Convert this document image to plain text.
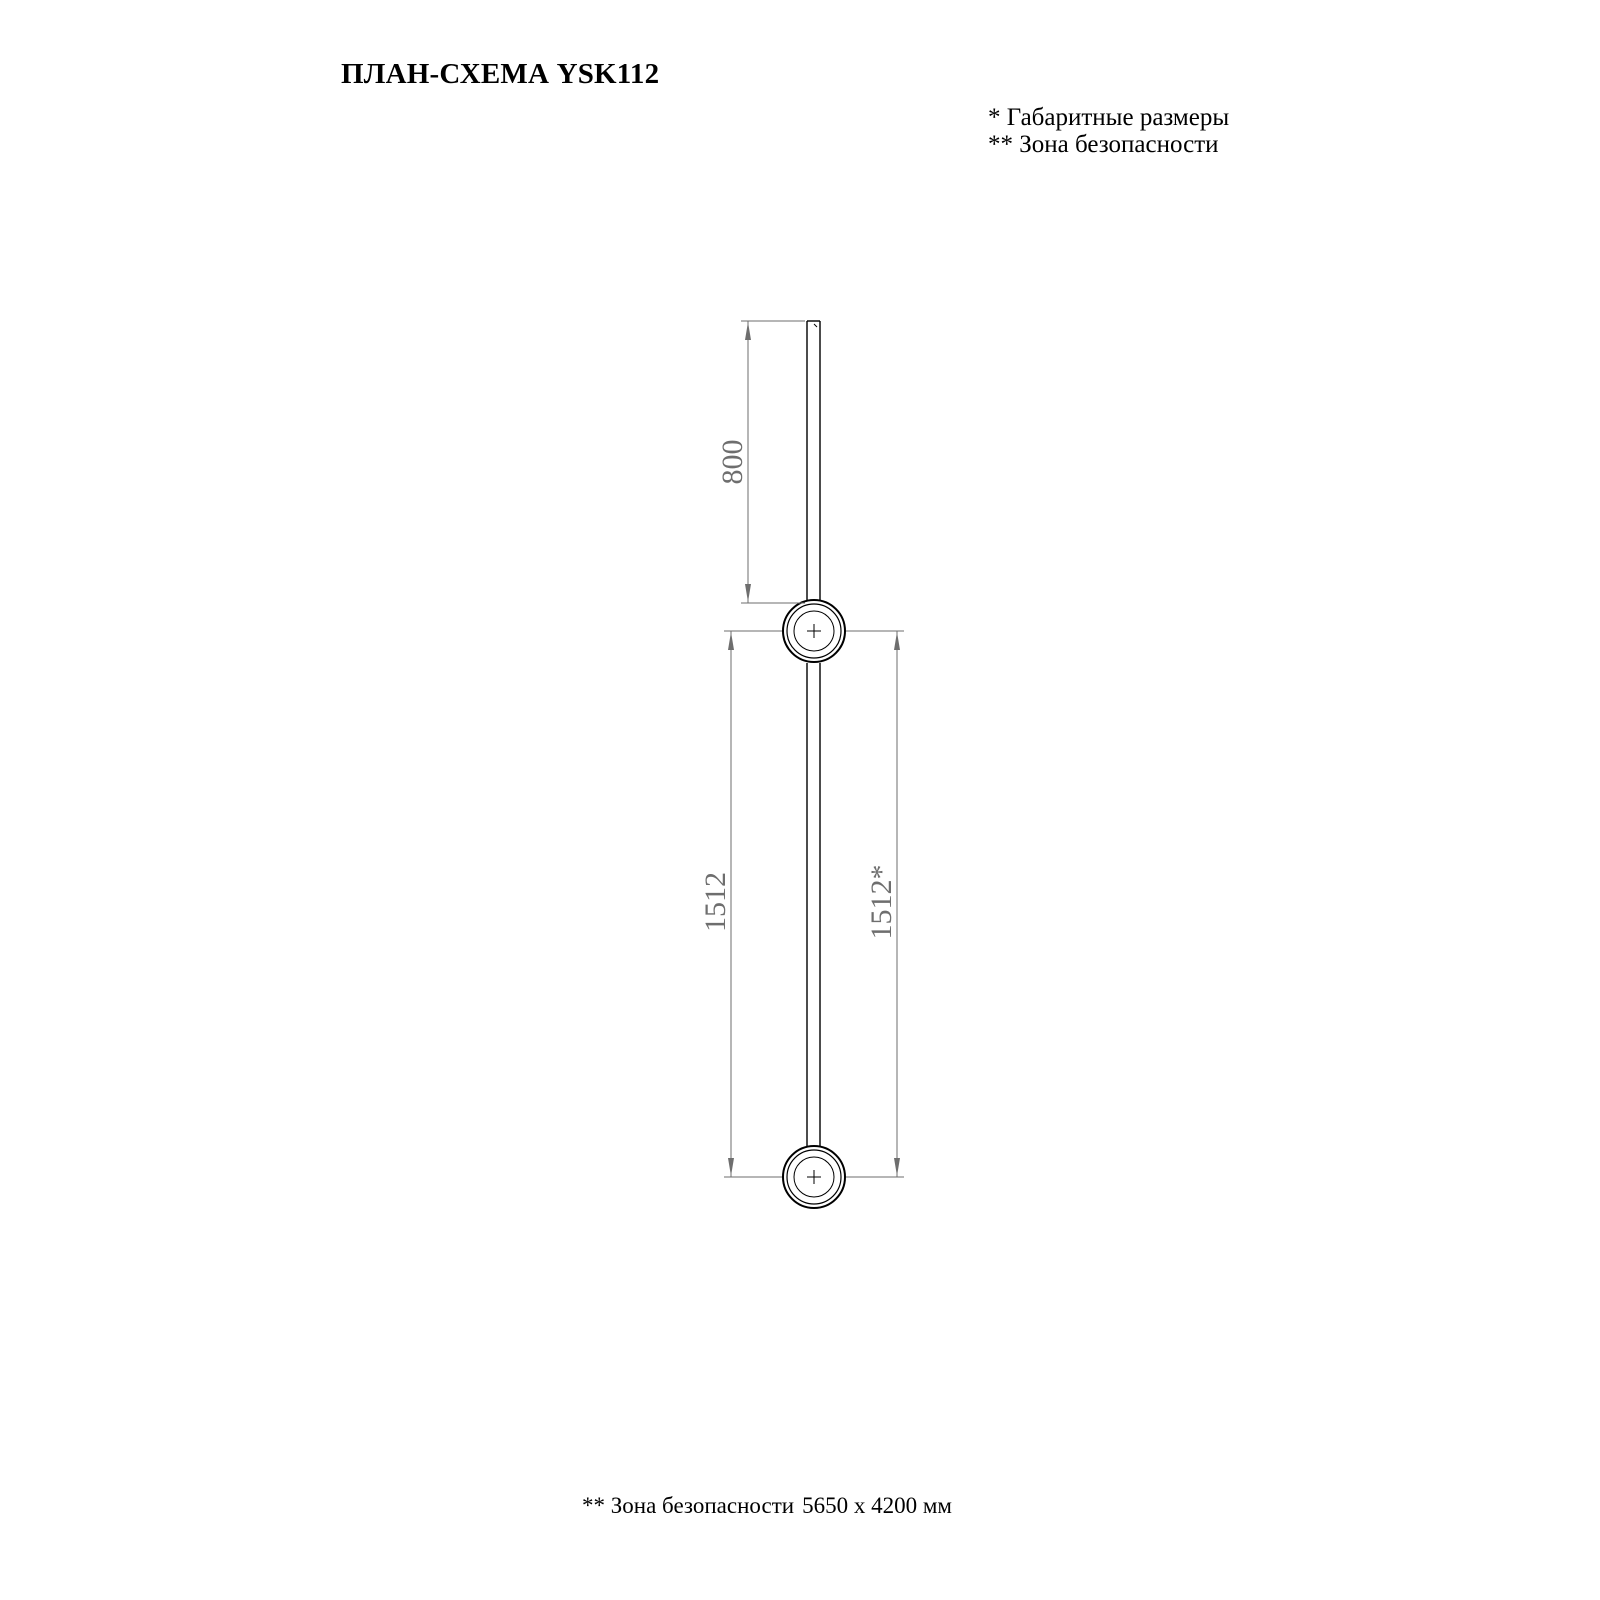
ПЛАН-СХЕМА YSK112
* Габаритные размеры
** Зона безопасности
800
1512	1512*
** Зона безопасности 5650 х 4200 мм
